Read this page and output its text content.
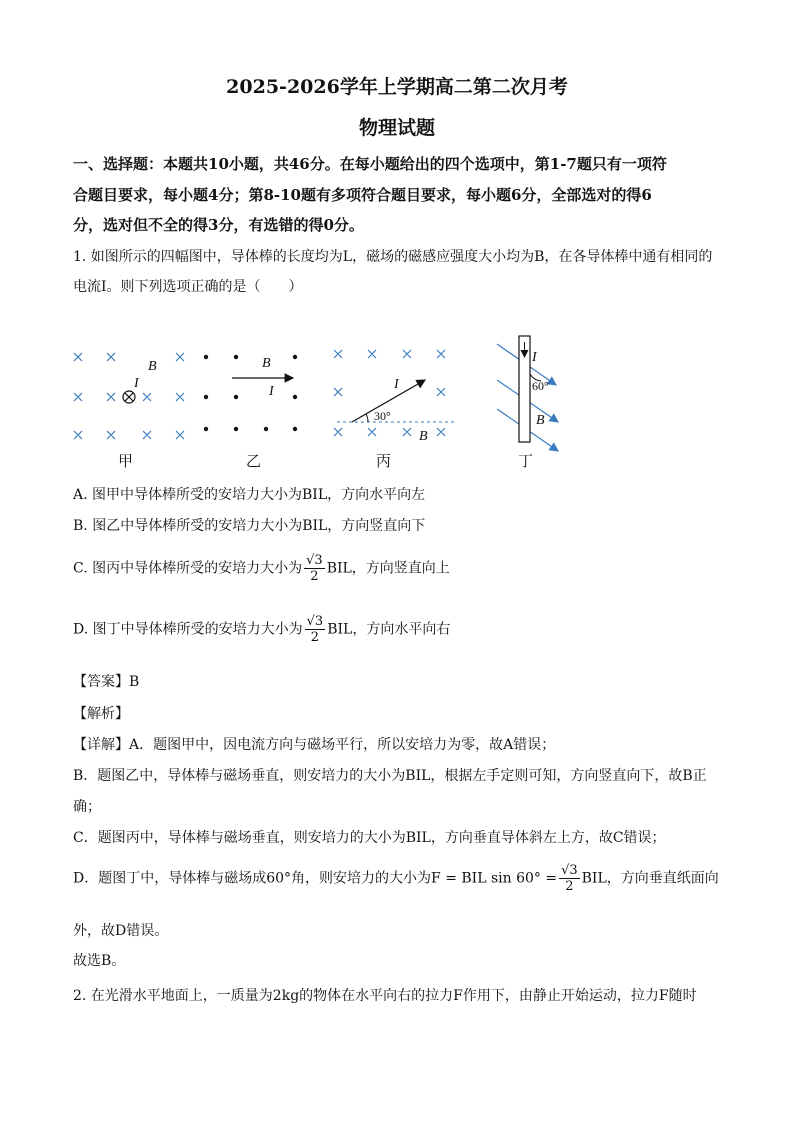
2025-2026学年上学期高二第二次月考
物理试题
一、选择题：本题共10小题，共46分。在每小题给出的四个选项中，第1-7题只有一项符
合题目要求，每小题4分；第8-10题有多项符合题目要求，每小题6分，全部选对的得6
分，选对但不全的得3分，有选错的得0分。
1. 如图所示的四幅图中，导体棒的长度均为L，磁场的磁感应强度大小均为B，在各导体棒中通有相同的
电流I。则下列选项正确的是（　　）
B
I
甲
B
I
乙
30°
I
B
丙
I
60°
B
丁
A. 图甲中导体棒所受的安培力大小为BIL，方向水平向左
B. 图乙中导体棒所受的安培力大小为BIL，方向竖直向下
C. 图丙中导体棒所受的安培力大小为 $\frac{√3}{2}$ BIL，方向竖直向上
D. 图丁中导体棒所受的安培力大小为 $\frac{√3}{2}$ BIL，方向水平向右
【答案】B
【解析】
【详解】A．题图甲中，因电流方向与磁场平行，所以安培力为零，故A错误；
B．题图乙中，导体棒与磁场垂直，则安培力的大小为BIL，根据左手定则可知，方向竖直向下，故B正
确；
C．题图丙中，导体棒与磁场垂直，则安培力的大小为BIL，方向垂直导体斜左上方，故C错误；
D．题图丁中，导体棒与磁场成60°角，则安培力的大小为F = BIL $\sin 60^\circ = \frac{√3}{2}$ BIL，方向垂直纸面向
外，故D错误。
故选B。
2. 在光滑水平地面上，一质量为2kg的物体在水平向右的拉力F作用下，由静止开始运动，拉力F随时
